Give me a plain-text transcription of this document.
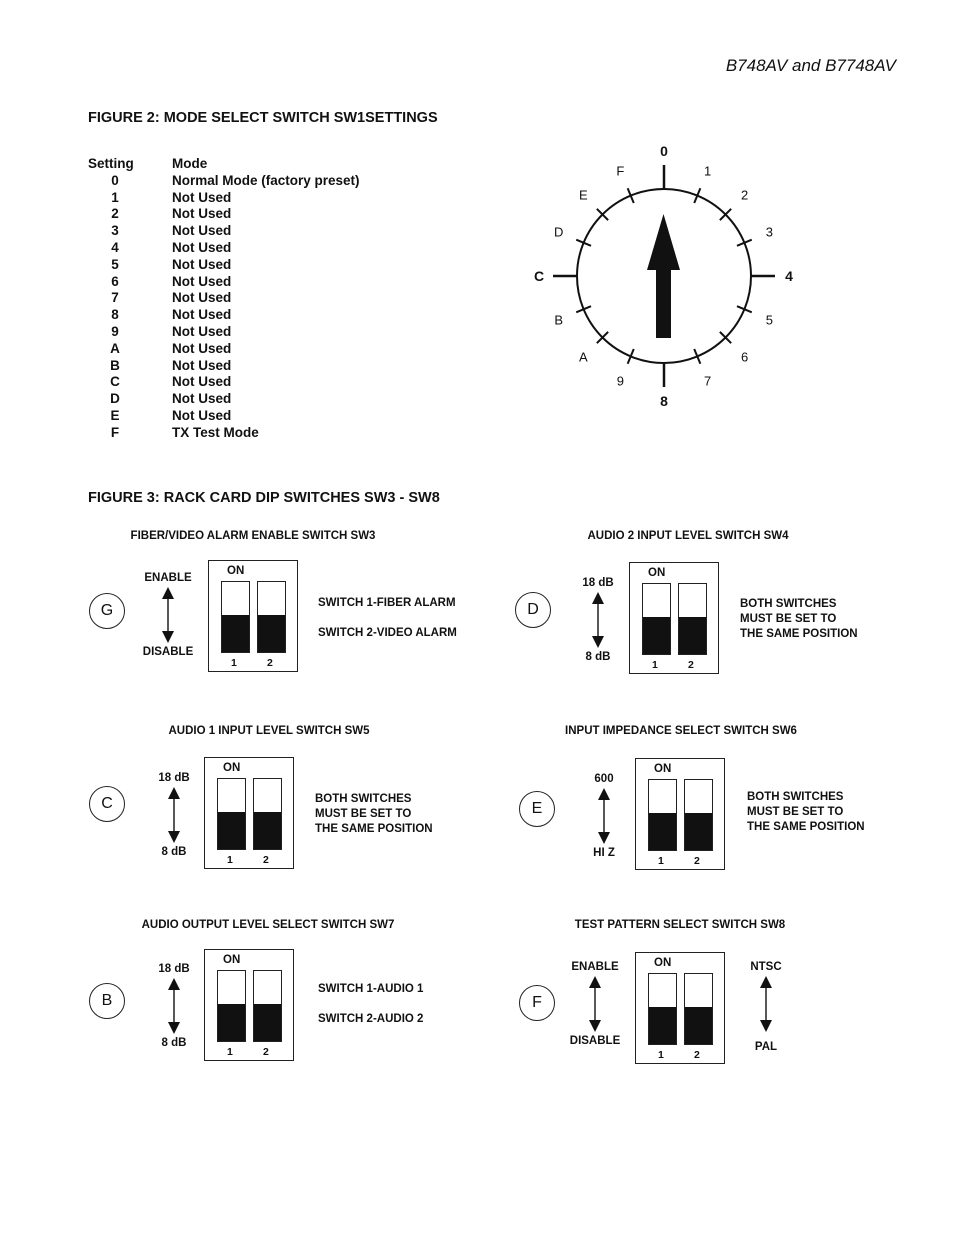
B748AV and B7748AV
FIGURE 2: MODE SELECT SWITCH SW1SETTINGS
Setting	Mode
0	Normal Mode (factory preset)
1	Not Used
2	Not Used
3	Not Used
4	Not Used
5	Not Used
6	Not Used
7	Not Used
8	Not Used
9	Not Used
A	Not Used
B	Not Used
C	Not Used
D	Not Used
E	Not Used
F	TX Test Mode
0
1
2
3
4
5
6
7
8
9
A
B
C
D
E
F
FIGURE 3: RACK CARD DIP SWITCHES SW3 - SW8
FIBER/VIDEO ALARM ENABLE SWITCH SW3
G
ENABLE
DISABLE
ON
1	2
SWITCH 1-FIBER ALARM
SWITCH 2-VIDEO ALARM
AUDIO 2 INPUT LEVEL SWITCH SW4
D
18 dB
8 dB
ON
1	2
BOTH SWITCHES
MUST BE SET TO
THE SAME POSITION
AUDIO 1 INPUT LEVEL SWITCH SW5
C
18 dB
8 dB
ON
1	2
BOTH SWITCHES
MUST BE SET TO
THE SAME POSITION
INPUT IMPEDANCE SELECT SWITCH SW6
E
600
HI Z
ON
1	2
BOTH SWITCHES
MUST BE SET TO
THE SAME POSITION
AUDIO OUTPUT LEVEL SELECT SWITCH SW7
B
18 dB
8 dB
ON
1	2
SWITCH 1-AUDIO 1
SWITCH 2-AUDIO 2
TEST PATTERN SELECT SWITCH SW8
F
ENABLE
DISABLE
ON
1	2
NTSC
PAL
